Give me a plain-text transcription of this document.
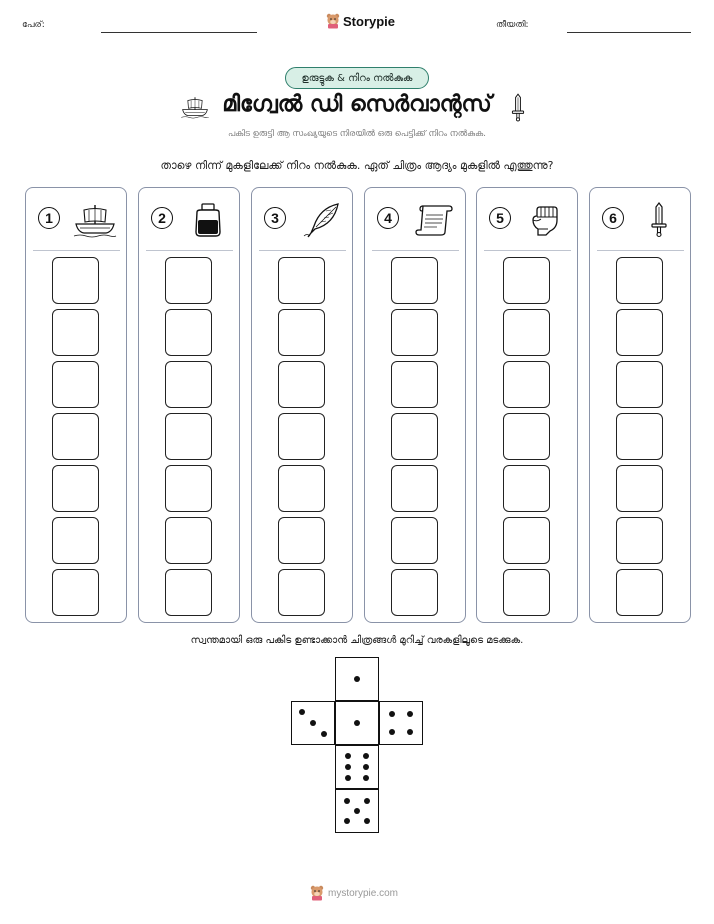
പേര്:	Storypie	തീയതി:
ഉരുട്ടുക & നിറം നൽകുക
മിഗ്വേൽ ഡി സെർവാന്റസ്
പകിട ഉരുട്ടി ആ സംഖ്യയുടെ നിരയിൽ ഒരു പെട്ടിക്ക് നിറം നൽകുക.
താഴെ നിന്ന് മുകളിലേക്ക് നിറം നൽകുക. ഏത് ചിത്രം ആദ്യം മുകളിൽ എത്തുന്നു?
1	2	3	4	5	6
സ്വന്തമായി ഒരു പകിട ഉണ്ടാക്കാൻ ചിത്രങ്ങൾ മുറിച്ച് വരകളിലൂടെ മടക്കുക.
mystorypie.com
